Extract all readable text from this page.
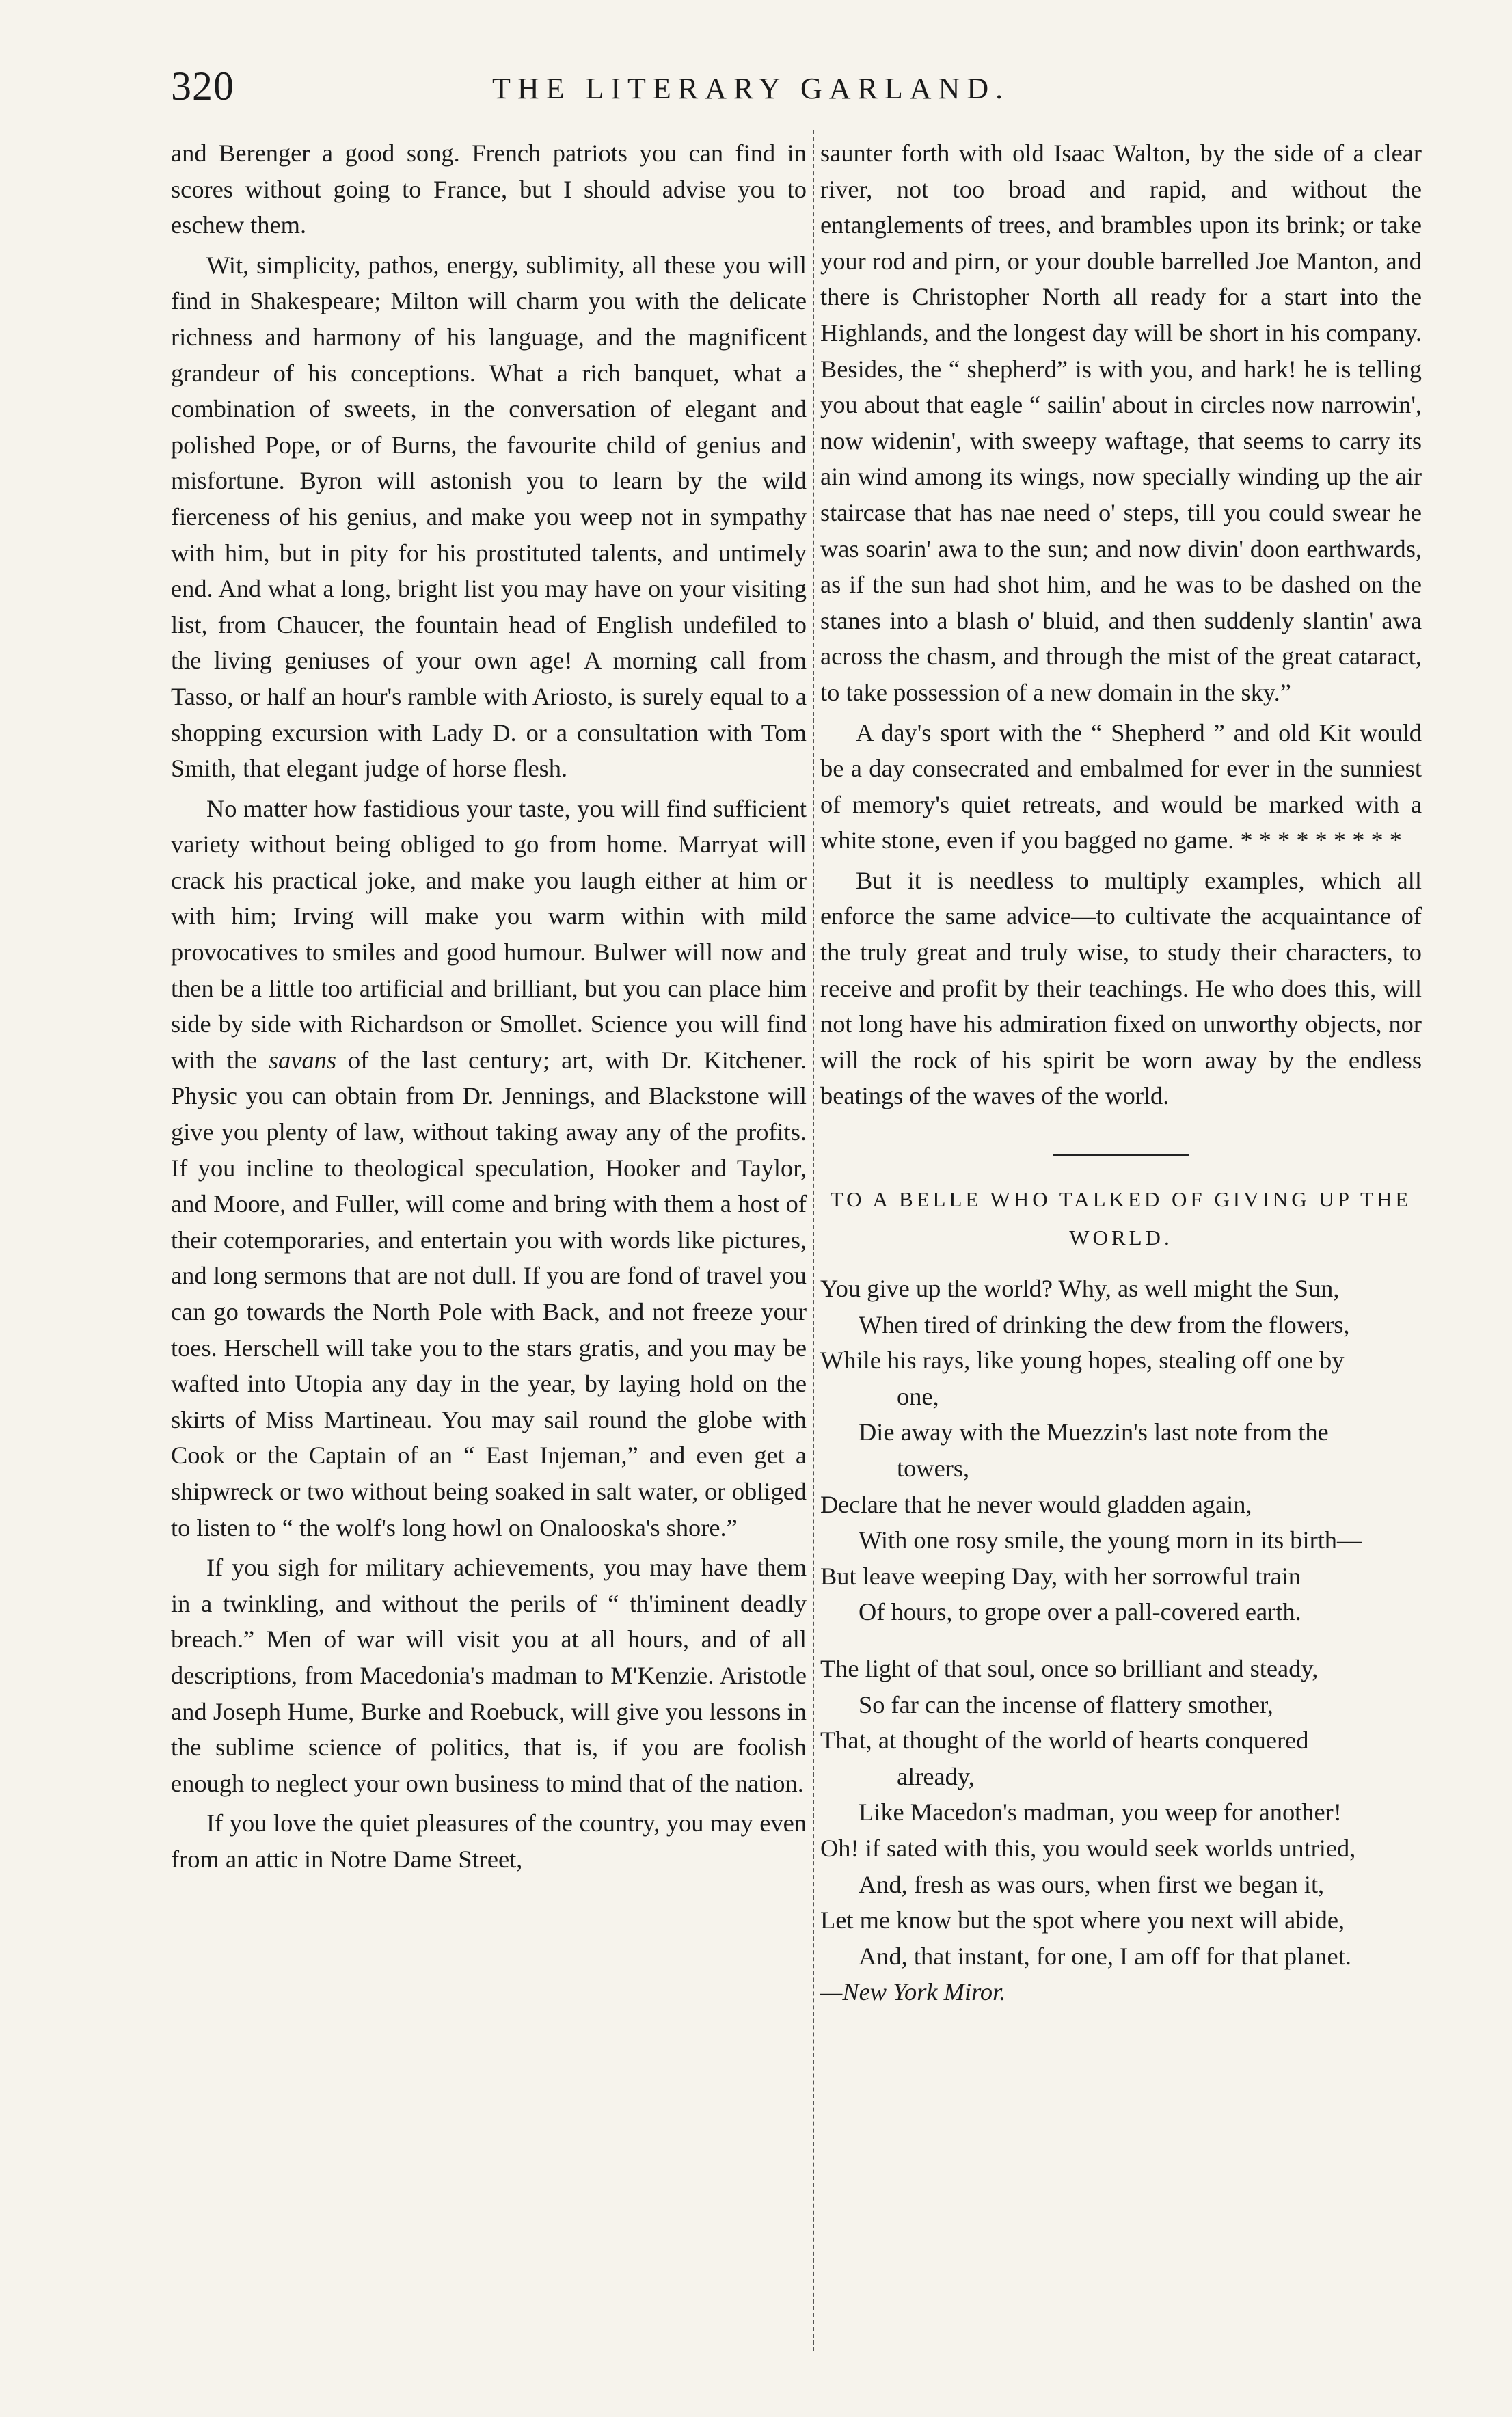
320	THE LITERARY GARLAND.

and Berenger a good song. French patriots you can find in scores without going to France, but I should advise you to eschew them.

Wit, simplicity, pathos, energy, sublimity, all these you will find in Shakespeare; Milton will charm you with the delicate richness and harmony of his language, and the magnificent grandeur of his conceptions. What a rich banquet, what a combination of sweets, in the conversation of elegant and polished Pope, or of Burns, the favourite child of genius and misfortune. Byron will astonish you to learn by the wild fierceness of his genius, and make you weep not in sympathy with him, but in pity for his prostituted talents, and untimely end. And what a long, bright list you may have on your visiting list, from Chaucer, the fountain head of English undefiled to the living geniuses of your own age! A morning call from Tasso, or half an hour's ramble with Ariosto, is surely equal to a shopping excursion with Lady D. or a consultation with Tom Smith, that elegant judge of horse flesh.

No matter how fastidious your taste, you will find sufficient variety without being obliged to go from home. Marryat will crack his practical joke, and make you laugh either at him or with him; Irving will make you warm within with mild provocatives to smiles and good humour. Bulwer will now and then be a little too artificial and brilliant, but you can place him side by side with Richardson or Smollet. Science you will find with the savans of the last century; art, with Dr. Kitchener. Physic you can obtain from Dr. Jennings, and Blackstone will give you plenty of law, without taking away any of the profits. If you incline to theological speculation, Hooker and Taylor, and Moore, and Fuller, will come and bring with them a host of their cotemporaries, and entertain you with words like pictures, and long sermons that are not dull. If you are fond of travel you can go towards the North Pole with Back, and not freeze your toes. Herschell will take you to the stars gratis, and you may be wafted into Utopia any day in the year, by laying hold on the skirts of Miss Martineau. You may sail round the globe with Cook or the Captain of an “ East Injeman,” and even get a shipwreck or two without being soaked in salt water, or obliged to listen to “ the wolf's long howl on Onalooska's shore.”

If you sigh for military achievements, you may have them in a twinkling, and without the perils of “ th'iminent deadly breach.” Men of war will visit you at all hours, and of all descriptions, from Macedonia's madman to M'Kenzie. Aristotle and Joseph Hume, Burke and Roebuck, will give you lessons in the sublime science of politics, that is, if you are foolish enough to neglect your own business to mind that of the nation.

If you love the quiet pleasures of the country, you may even from an attic in Notre Dame Street,

saunter forth with old Isaac Walton, by the side of a clear river, not too broad and rapid, and without the entanglements of trees, and brambles upon its brink; or take your rod and pirn, or your double barrelled Joe Manton, and there is Christopher North all ready for a start into the Highlands, and the longest day will be short in his company. Besides, the “ shepherd” is with you, and hark! he is telling you about that eagle “ sailin' about in circles now narrowin', now widenin', with sweepy waftage, that seems to carry its ain wind among its wings, now specially winding up the air staircase that has nae need o' steps, till you could swear he was soarin' awa to the sun; and now divin' doon earthwards, as if the sun had shot him, and he was to be dashed on the stanes into a blash o' bluid, and then suddenly slantin' awa across the chasm, and through the mist of the great cataract, to take possession of a new domain in the sky.”

A day's sport with the “ Shepherd ” and old Kit would be a day consecrated and embalmed for ever in the sunniest of memory's quiet retreats, and would be marked with a white stone, even if you bagged no game. * * * * * * * * *

But it is needless to multiply examples, which all enforce the same advice—to cultivate the acquaintance of the truly great and truly wise, to study their characters, to receive and profit by their teachings. He who does this, will not long have his admiration fixed on unworthy objects, nor will the rock of his spirit be worn away by the endless beatings of the waves of the world.

TO A BELLE WHO TALKED OF GIVING UP THE WORLD.
You give up the world? Why, as well might the Sun,
When tired of drinking the dew from the flowers,
While his rays, like young hopes, stealing off one by
one,
Die away with the Muezzin's last note from the
towers,
Declare that he never would gladden again,
With one rosy smile, the young morn in its birth—
But leave weeping Day, with her sorrowful train
Of hours, to grope over a pall-covered earth.
The light of that soul, once so brilliant and steady,
So far can the incense of flattery smother,
That, at thought of the world of hearts conquered
already,
Like Macedon's madman, you weep for another!
Oh! if sated with this, you would seek worlds untried,
And, fresh as was ours, when first we began it,
Let me know but the spot where you next will abide,
And, that instant, for one, I am off for that planet.
—New York Miror.
